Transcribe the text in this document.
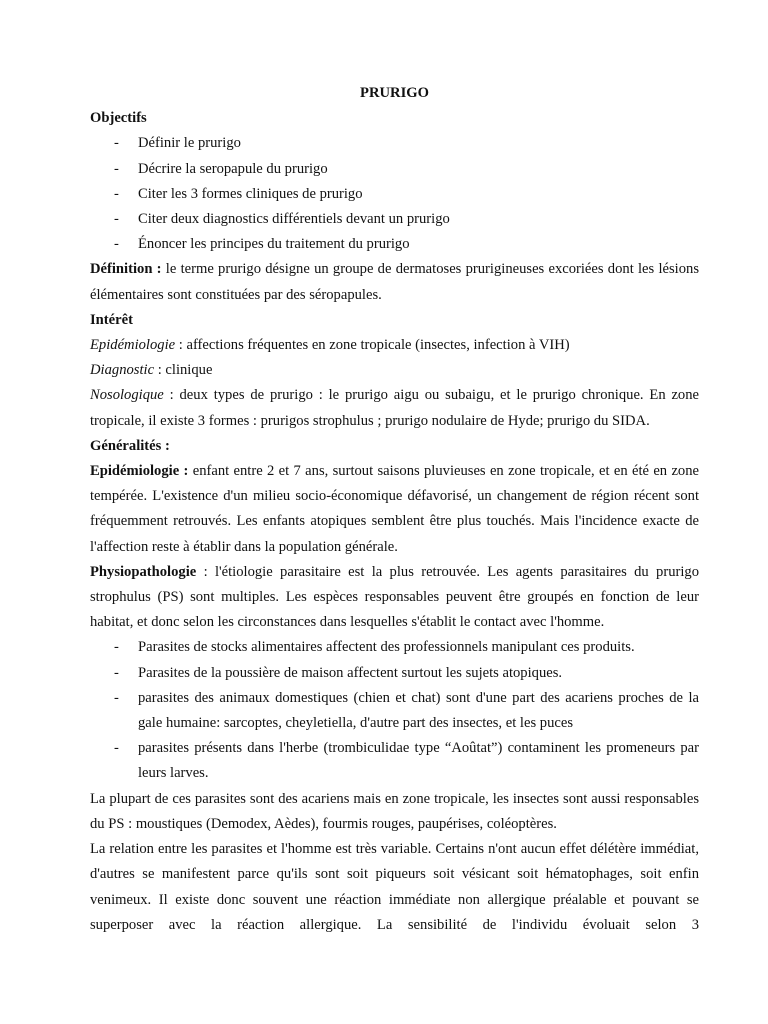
PRURIGO
Objectifs
- Définir le prurigo
- Décrire la seropapule du prurigo
- Citer les 3 formes cliniques de prurigo
- Citer deux diagnostics différentiels devant un prurigo
- Énoncer les principes du traitement du prurigo

Définition : le terme prurigo désigne un groupe de dermatoses prurigineuses excoriées dont les lésions élémentaires sont constituées par des séropapules.

Intérêt

Epidémiologie : affections fréquentes en zone tropicale (insectes, infection à VIH)

Diagnostic : clinique

Nosologique : deux types de prurigo : le prurigo aigu ou subaigu, et le prurigo chronique. En zone tropicale, il existe 3 formes : prurigos strophulus ; prurigo nodulaire de Hyde; prurigo du SIDA.

Généralités :

Epidémiologie : enfant entre 2 et 7 ans, surtout saisons pluvieuses en zone tropicale, et en été en zone tempérée. L'existence d'un milieu socio-économique défavorisé, un changement de région récent sont fréquemment retrouvés. Les enfants atopiques semblent être plus touchés. Mais l'incidence exacte de l'affection reste à établir dans la population générale.

Physiopathologie : l'étiologie parasitaire est la plus retrouvée. Les agents parasitaires du prurigo strophulus (PS) sont multiples. Les espèces responsables peuvent être groupés en fonction de leur habitat, et donc selon les circonstances dans lesquelles s'établit le contact avec l'homme.

- Parasites de stocks alimentaires affectent des professionnels manipulant ces produits.
- Parasites de la poussière de maison affectent surtout les sujets atopiques.
- parasites des animaux domestiques (chien et chat) sont d'une part des acariens proches de la gale humaine: sarcoptes, cheyletiella, d'autre part des insectes, et les puces
- parasites présents dans l'herbe (trombiculidae type “Aoûtat”) contaminent les promeneurs par leurs larves.

La plupart de ces parasites sont des acariens mais en zone tropicale, les insectes sont aussi responsables du PS : moustiques (Demodex, Aèdes), fourmis rouges, paupérises, coléoptères.

La relation entre les parasites et l'homme est très variable. Certains n'ont aucun effet délétère immédiat, d'autres se manifestent parce qu'ils sont soit piqueurs soit vésicant soit hématophages, soit enfin venimeux. Il existe donc souvent une réaction immédiate non allergique préalable et pouvant se superposer avec la réaction allergique. La sensibilité de l'individu évoluait selon 3
